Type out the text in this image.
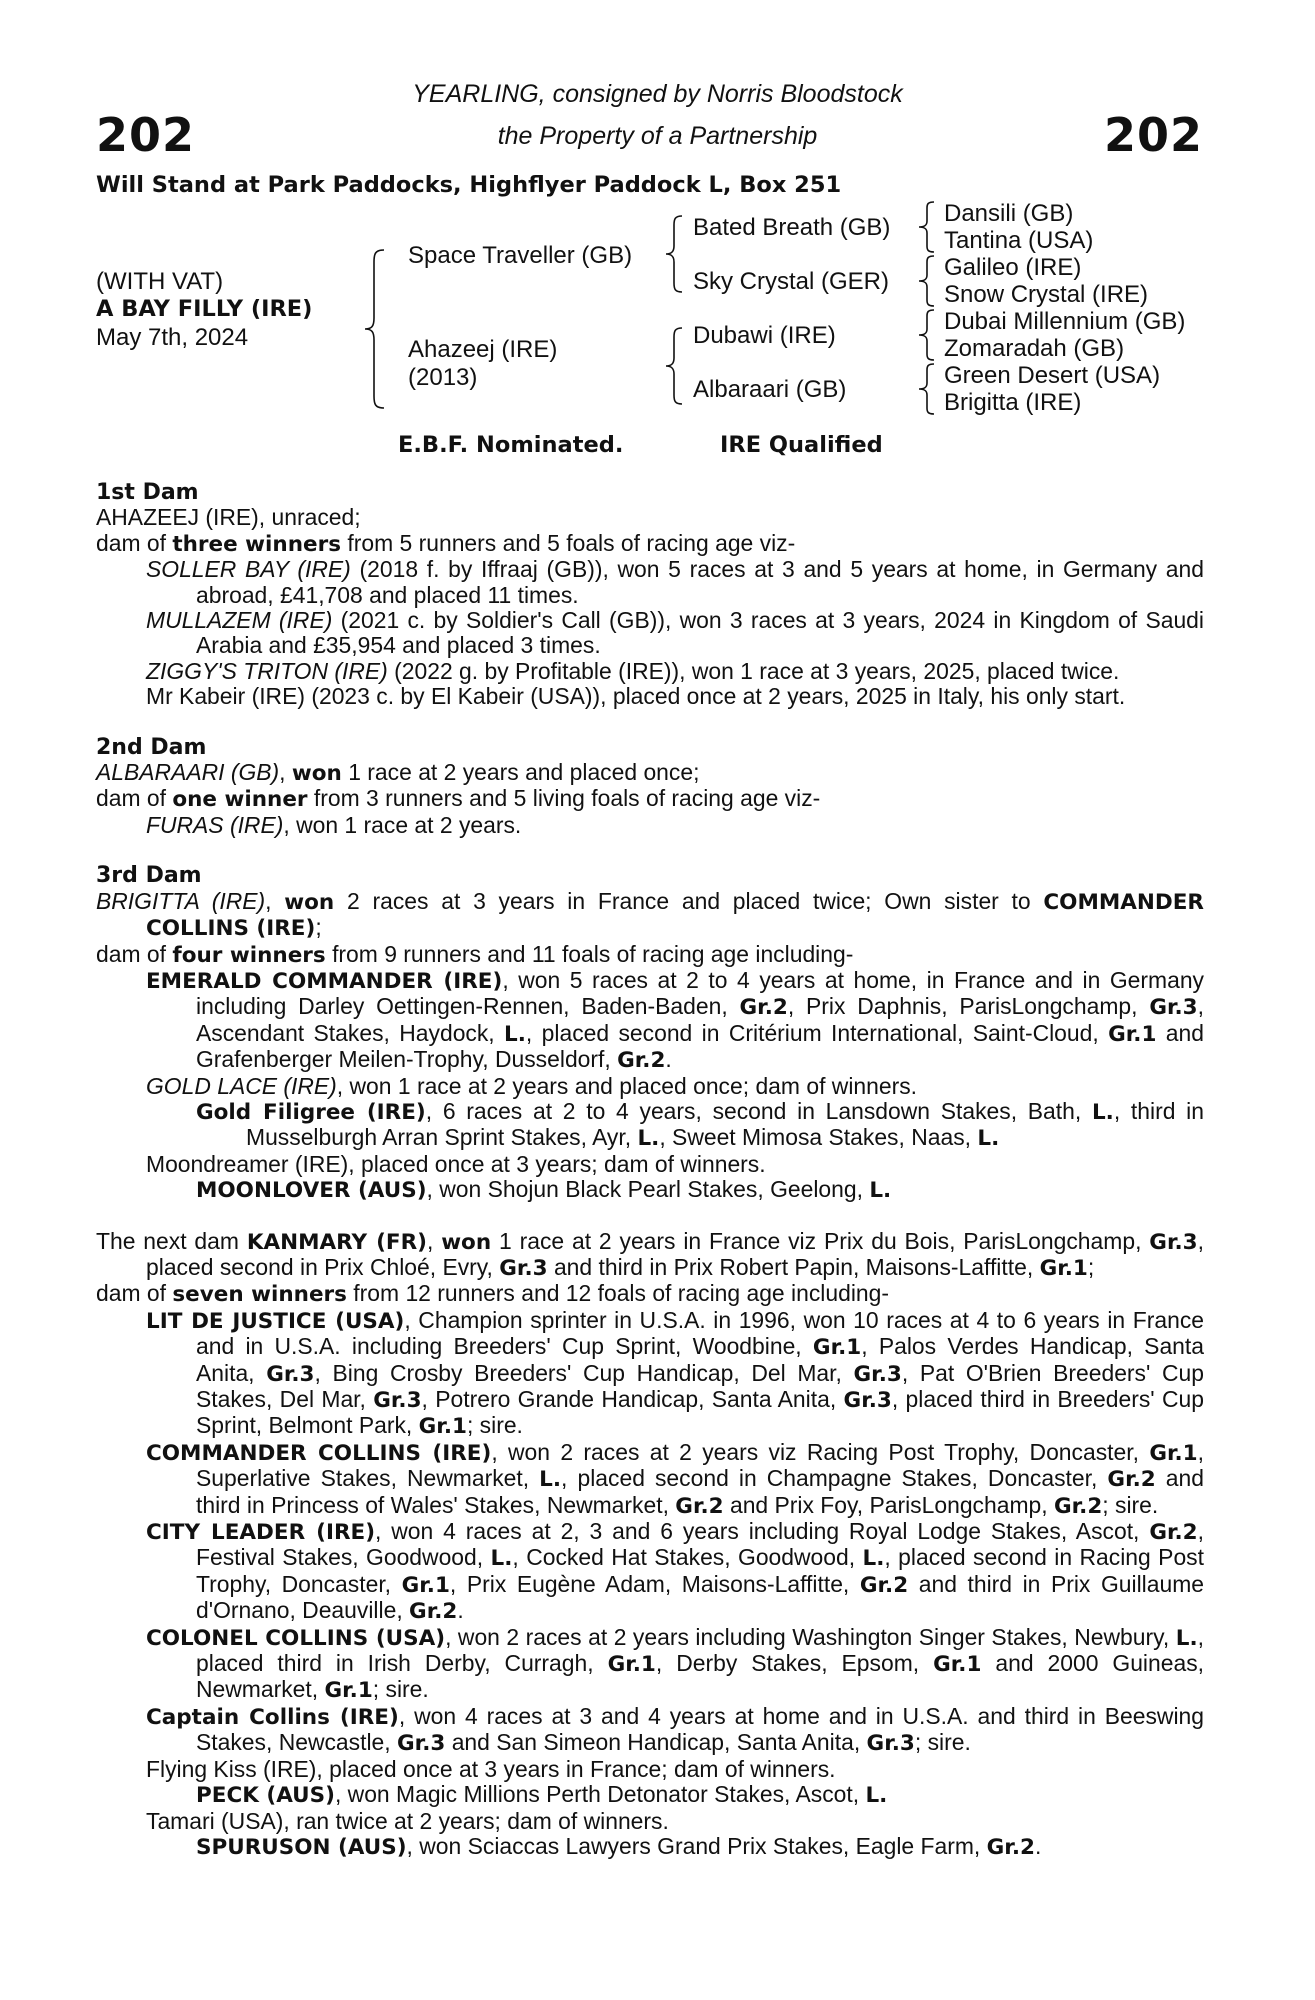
202	202
YEARLING, consigned by Norris Bloodstock
the Property of a Partnership
Will Stand at Park Paddocks, Highflyer Paddock L, Box 251
(WITH VAT)
A BAY FILLY (IRE)
May 7th, 2024
Space Traveller (GB)
Ahazeej (IRE)
(2013)
Bated Breath (GB)
Sky Crystal (GER)
Dubawi (IRE)
Albaraari (GB)
Dansili (GB)
Tantina (USA)
Galileo (IRE)
Snow Crystal (IRE)
Dubai Millennium (GB)
Zomaradah (GB)
Green Desert (USA)
Brigitta (IRE)
E.B.F. Nominated.	IRE Qualified
1st Dam
AHAZEEJ (IRE), unraced;
dam of three winners from 5 runners and 5 foals of racing age viz-
SOLLER BAY (IRE) (2018 f. by Iffraaj (GB)), won 5 races at 3 and 5 years at home, in Germany and abroad, £41,708 and placed 11 times.
MULLAZEM (IRE) (2021 c. by Soldier's Call (GB)), won 3 races at 3 years, 2024 in Kingdom of Saudi Arabia and £35,954 and placed 3 times.
ZIGGY'S TRITON (IRE) (2022 g. by Profitable (IRE)), won 1 race at 3 years, 2025, placed twice.
Mr Kabeir (IRE) (2023 c. by El Kabeir (USA)), placed once at 2 years, 2025 in Italy, his only start.
2nd Dam
ALBARAARI (GB), won 1 race at 2 years and placed once;
dam of one winner from 3 runners and 5 living foals of racing age viz-
FURAS (IRE), won 1 race at 2 years.
3rd Dam
BRIGITTA (IRE), won 2 races at 3 years in France and placed twice; Own sister to COMMANDER COLLINS (IRE);
dam of four winners from 9 runners and 11 foals of racing age including-
EMERALD COMMANDER (IRE), won 5 races at 2 to 4 years at home, in France and in Germany including Darley Oettingen-Rennen, Baden-Baden, Gr.2, Prix Daphnis, ParisLongchamp, Gr.3, Ascendant Stakes, Haydock, L., placed second in Critérium International, Saint-Cloud, Gr.1 and Grafenberger Meilen-Trophy, Dusseldorf, Gr.2.
GOLD LACE (IRE), won 1 race at 2 years and placed once; dam of winners.
Gold Filigree (IRE), 6 races at 2 to 4 years, second in Lansdown Stakes, Bath, L., third in Musselburgh Arran Sprint Stakes, Ayr, L., Sweet Mimosa Stakes, Naas, L.
Moondreamer (IRE), placed once at 3 years; dam of winners.
MOONLOVER (AUS), won Shojun Black Pearl Stakes, Geelong, L.
The next dam KANMARY (FR), won 1 race at 2 years in France viz Prix du Bois, ParisLongchamp, Gr.3, placed second in Prix Chloé, Evry, Gr.3 and third in Prix Robert Papin, Maisons-Laffitte, Gr.1;
dam of seven winners from 12 runners and 12 foals of racing age including-
LIT DE JUSTICE (USA), Champion sprinter in U.S.A. in 1996, won 10 races at 4 to 6 years in France and in U.S.A. including Breeders' Cup Sprint, Woodbine, Gr.1, Palos Verdes Handicap, Santa Anita, Gr.3, Bing Crosby Breeders' Cup Handicap, Del Mar, Gr.3, Pat O'Brien Breeders' Cup Stakes, Del Mar, Gr.3, Potrero Grande Handicap, Santa Anita, Gr.3, placed third in Breeders' Cup Sprint, Belmont Park, Gr.1; sire.
COMMANDER COLLINS (IRE), won 2 races at 2 years viz Racing Post Trophy, Doncaster, Gr.1, Superlative Stakes, Newmarket, L., placed second in Champagne Stakes, Doncaster, Gr.2 and third in Princess of Wales' Stakes, Newmarket, Gr.2 and Prix Foy, ParisLongchamp, Gr.2; sire.
CITY LEADER (IRE), won 4 races at 2, 3 and 6 years including Royal Lodge Stakes, Ascot, Gr.2, Festival Stakes, Goodwood, L., Cocked Hat Stakes, Goodwood, L., placed second in Racing Post Trophy, Doncaster, Gr.1, Prix Eugène Adam, Maisons-Laffitte, Gr.2 and third in Prix Guillaume d'Ornano, Deauville, Gr.2.
COLONEL COLLINS (USA), won 2 races at 2 years including Washington Singer Stakes, Newbury, L., placed third in Irish Derby, Curragh, Gr.1, Derby Stakes, Epsom, Gr.1 and 2000 Guineas, Newmarket, Gr.1; sire.
Captain Collins (IRE), won 4 races at 3 and 4 years at home and in U.S.A. and third in Beeswing Stakes, Newcastle, Gr.3 and San Simeon Handicap, Santa Anita, Gr.3; sire.
Flying Kiss (IRE), placed once at 3 years in France; dam of winners.
PECK (AUS), won Magic Millions Perth Detonator Stakes, Ascot, L.
Tamari (USA), ran twice at 2 years; dam of winners.
SPURUSON (AUS), won Sciaccas Lawyers Grand Prix Stakes, Eagle Farm, Gr.2.
